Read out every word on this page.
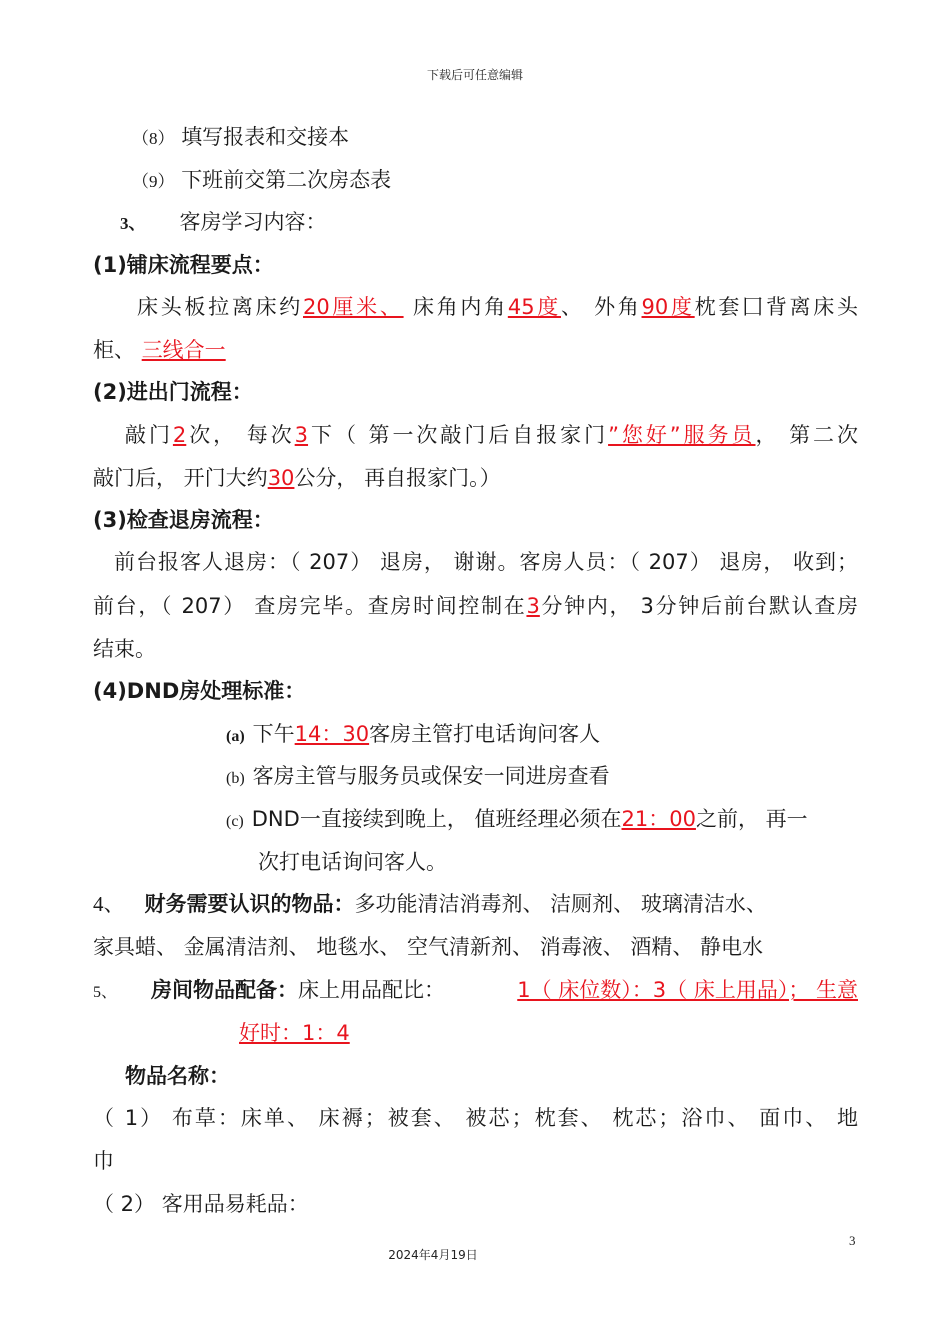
下载后可任意编辑
（8） 填写报表和交接本
（9） 下班前交第二次房态表
3、 客房学习内容：
(1)铺床流程要点：
床头板拉离床约20厘米、 床角内角45度、 外角90度枕套囗背离床头
柜、 三线合一
(2)进出门流程：
敲门2次， 每次3下（ 第一次敲门后自报家门”您好”服务员， 第二次
敲门后， 开门大约30公分， 再自报家门。）
(3)检查退房流程：
前台报客人退房：（ 207） 退房， 谢谢。客房人员：（ 207） 退房， 收到；
前台，（ 207） 查房完毕。查房时间控制在3分钟内， 3分钟后前台默认查房
结束。
(4)DND房处理标准：
(a) 下午14：30客房主管打电话询问客人
(b) 客房主管与服务员或保安一同进房查看
(c) DND一直接续到晚上， 值班经理必须在21：00之前， 再一
次打电话询问客人。
4、 财务需要认识的物品：多功能清洁消毒剂、 洁厕剂、 玻璃清洁水、
家具蜡、 金属清洁剂、 地毯水、 空气清新剂、 消毒液、 酒精、 静电水
5、 房间物品配备：床上用品配比：	1（ 床位数）：3（ 床上用品）； 生意
好时：1：4
物品名称：
（ 1） 布草：床单、 床褥；被套、 被芯；枕套、 枕芯；浴巾、 面巾、 地
巾
（ 2） 客用品易耗品：
3
2024年4月19日
